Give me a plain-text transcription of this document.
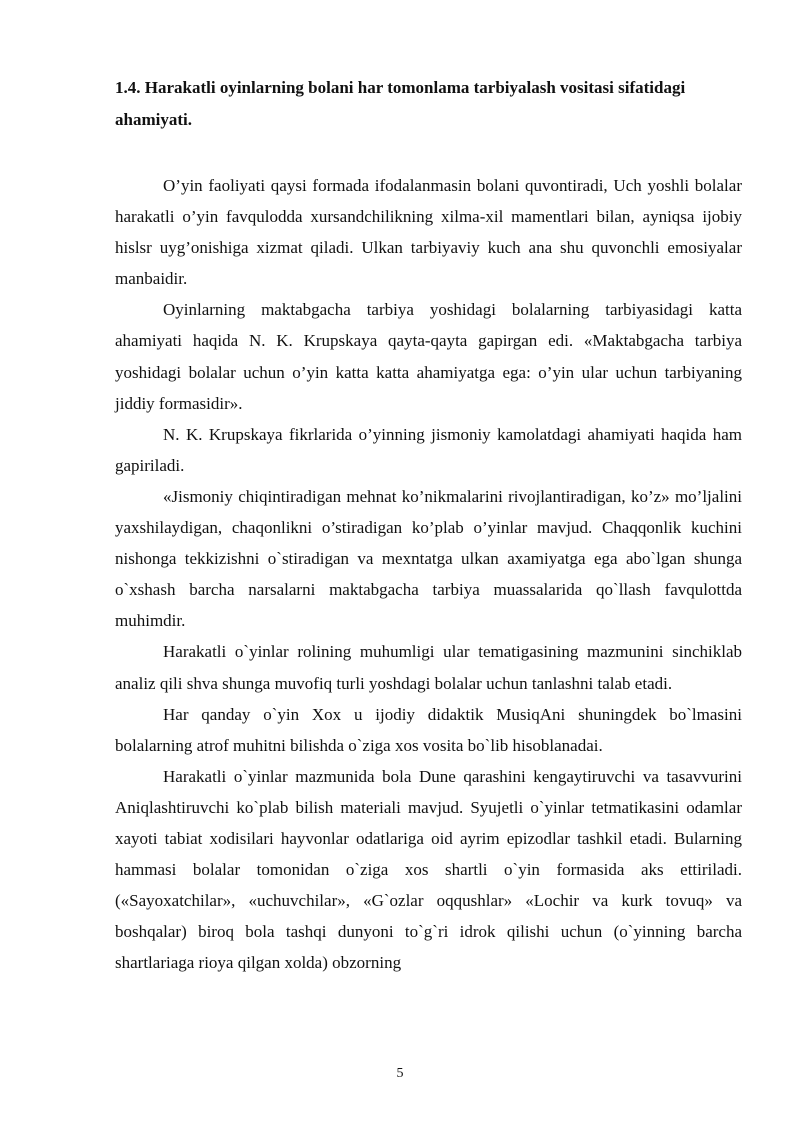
1.4. Harakatli oyinlarning bolani har tomonlama tarbiyalash vositasi sifatidagi ahamiyati.

O’yin faoliyati qaysi formada ifodalanmasin bolani quvontiradi, Uch yoshli bolalar harakatli o’yin favqulodda xursandchilikning xilma-xil mamentlari bilan, ayniqsa ijobiy hislsr uyg’onishiga xizmat qiladi. Ulkan tarbiyaviy kuch ana shu quvonchli emosiyalar manbaidir.

Oyinlarning maktabgacha tarbiya yoshidagi bolalarning tarbiyasidagi katta ahamiyati haqida N. K. Krupskaya qayta-qayta gapirgan edi. «Maktabgacha tarbiya yoshidagi bolalar uchun o’yin katta katta ahamiyatga ega: o’yin ular uchun tarbiyaning jiddiy formasidir».

N. K. Krupskaya fikrlarida o’yinning jismoniy kamolatdagi ahamiyati haqida ham gapiriladi.

«Jismoniy chiqintiradigan mehnat ko’nikmalarini rivojlantiradigan, ko’z» mo’ljalini yaxshilaydigan, chaqonlikni o’stiradigan ko’plab o’yinlar mavjud. Chaqqonlik kuchini nishonga tekkizishni o`stiradigan va mexntatga ulkan axamiyatga ega abo`lgan shunga o`xshash barcha narsalarni maktabgacha tarbiya muassalarida qo`llash favqulottda muhimdir.

Harakatli o`yinlar rolining muhumligi ular tematigasining mazmunini sinchiklab analiz qili shva shunga muvofiq turli yoshdagi bolalar uchun tanlashni talab etadi.

Har qanday o`yin Xox u ijodiy didaktik MusiqAni shuningdek bo`lmasini bolalarning atrof muhitni bilishda o`ziga xos vosita bo`lib hisoblanadai.

Harakatli o`yinlar mazmunida bola Dune qarashini kengaytiruvchi va tasavvurini Aniqlashtiruvchi ko`plab bilish materiali mavjud. Syujetli o`yinlar tetmatikasini odamlar xayoti tabiat xodisilari hayvonlar odatlariga oid ayrim epizodlar tashkil etadi. Bularning hammasi bolalar tomonidan o`ziga xos shartli o`yin formasida aks ettiriladi. («Sayoxatchilar», «uchuvchilar», «G`ozlar oqqushlar» «Lochir va kurk tovuq» va boshqalar) biroq bola tashqi dunyoni to`g`ri idrok qilishi uchun (o`yinning barcha shartlariaga rioya qilgan xolda) obzorning

5
